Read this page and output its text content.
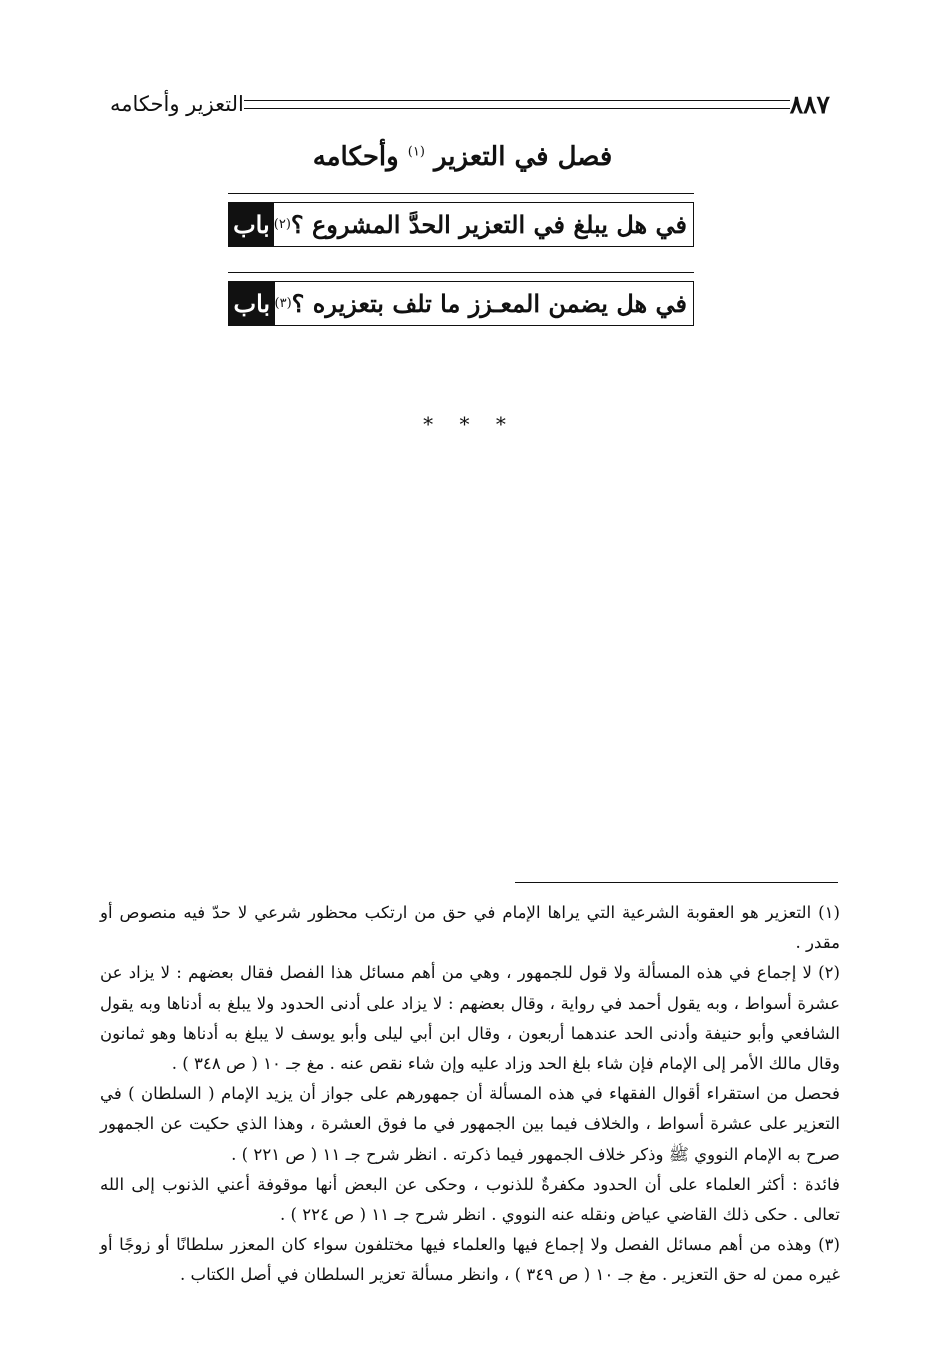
التعزير وأحكامه	٨٨٧
فصل في التعزير $^{(١)}$ وأحكامه
باب في هل يبلغ في التعزير الحدَّ المشروع ؟
(٢)
باب في هل يضمن المعـزز ما تلف بتعزيره ؟
(٣)
* * *

(١) التعزير هو العقوبة الشرعية التي يراها الإمام في حق من ارتكب محظور شرعي لا حدّ فيه منصوص أو مقدر .

(٢) لا إجماع في هذه المسألة ولا قول للجمهور ، وهي من أهم مسائل هذا الفصل فقال بعضهم : لا يزاد عن عشرة أسواط ، وبه يقول أحمد في رواية ، وقال بعضهم : لا يزاد على أدنى الحدود ولا يبلغ به أدناها وبه يقول الشافعي وأبو حنيفة وأدنى الحد عندهما أربعون ، وقال ابن أبي ليلى وأبو يوسف لا يبلغ به أدناها وهو ثمانون وقال مالك الأمر إلى الإمام فإن شاء بلغ الحد وزاد عليه وإن شاء نقص عنه . مغ جـ ١٠ ( ص ٣٤٨ ) .

فحصل من استقراء أقوال الفقهاء في هذه المسألة أن جمهورهم على جواز أن يزيد الإمام ( السلطان ) في التعزير على عشرة أسواط ، والخلاف فيما بين الجمهور في ما فوق العشرة ، وهذا الذي حكيت عن الجمهور صرح به الإمام النووي ﷺ وذكر خلاف الجمهور فيما ذكرته . انظر شرح جـ ١١ ( ص ٢٢١ ) .

فائدة : أكثر العلماء على أن الحدود مكفرةٌ للذنوب ، وحكى عن البعض أنها موقوفة أعني الذنوب إلى الله تعالى . حكى ذلك القاضي عياض ونقله عنه النووي . انظر شرح جـ ١١ ( ص ٢٢٤ ) .

(٣) وهذه من أهم مسائل الفصل ولا إجماع فيها والعلماء فيها مختلفون سواء كان المعزر سلطانًا أو زوجًا أو غيره ممن له حق التعزير . مغ جـ ١٠ ( ص ٣٤٩ ) ، وانظر مسألة تعزير السلطان في أصل الكتاب .
